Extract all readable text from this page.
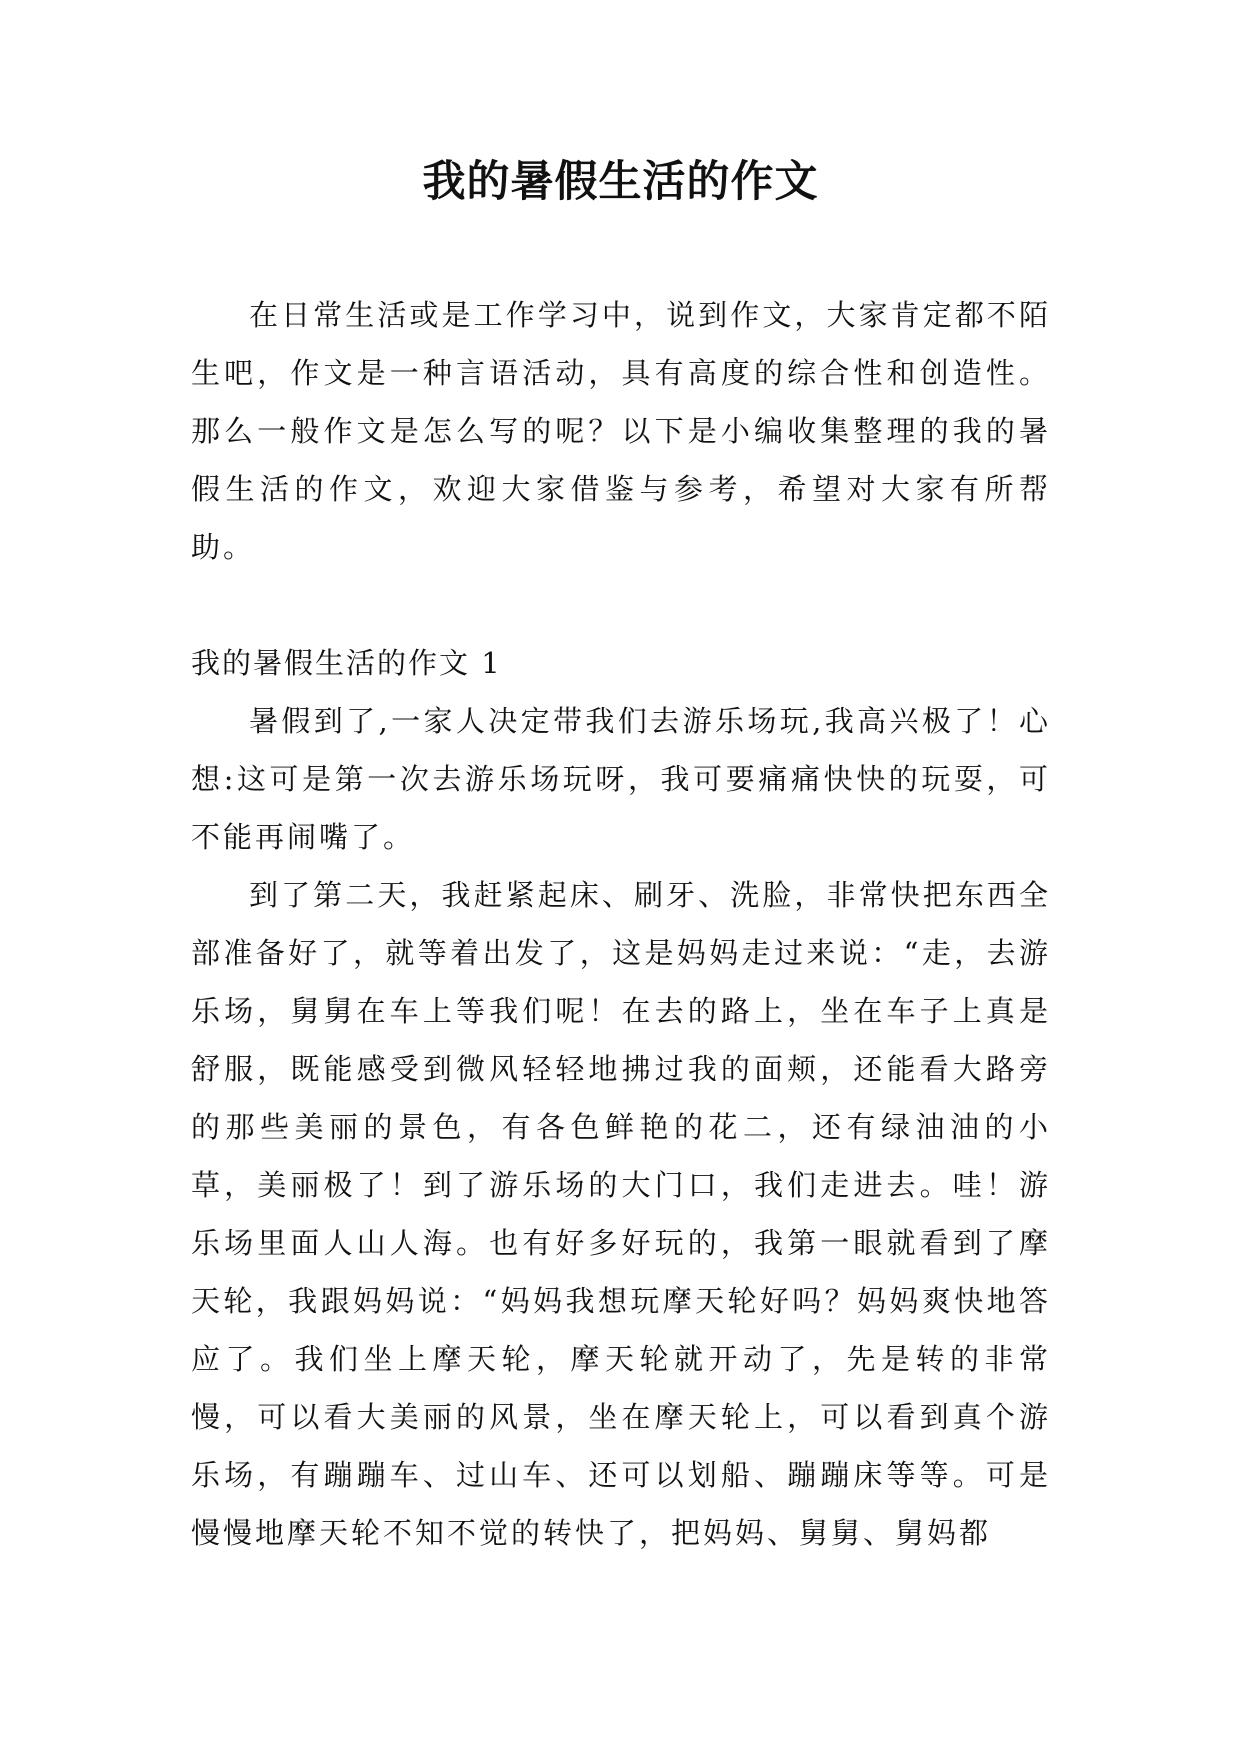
我的暑假生活的作文

在日常生活或是工作学习中，说到作文，大家肯定都不陌生吧，作文是一种言语活动，具有高度的综合性和创造性。那么一般作文是怎么写的呢？以下是小编收集整理的我的暑假生活的作文，欢迎大家借鉴与参考，希望对大家有所帮助。

我的暑假生活的作文 1

暑假到了,一家人决定带我们去游乐场玩,我高兴极了！心想:这可是第一次去游乐场玩呀，我可要痛痛快快的玩耍，可不能再闹嘴了。

到了第二天，我赶紧起床、刷牙、洗脸，非常快把东西全部准备好了，就等着出发了，这是妈妈走过来说：“走，去游乐场，舅舅在车上等我们呢！在去的路上，坐在车子上真是舒服，既能感受到微风轻轻地拂过我的面颊，还能看大路旁的那些美丽的景色，有各色鲜艳的花二，还有绿油油的小草，美丽极了！到了游乐场的大门口，我们走进去。哇！游乐场里面人山人海。也有好多好玩的，我第一眼就看到了摩天轮，我跟妈妈说：“妈妈我想玩摩天轮好吗？妈妈爽快地答应了。我们坐上摩天轮，摩天轮就开动了，先是转的非常慢，可以看大美丽的风景，坐在摩天轮上，可以看到真个游乐场，有蹦蹦车、过山车、还可以划船、蹦蹦床等等。可是慢慢地摩天轮不知不觉的转快了，把妈妈、舅舅、舅妈都
